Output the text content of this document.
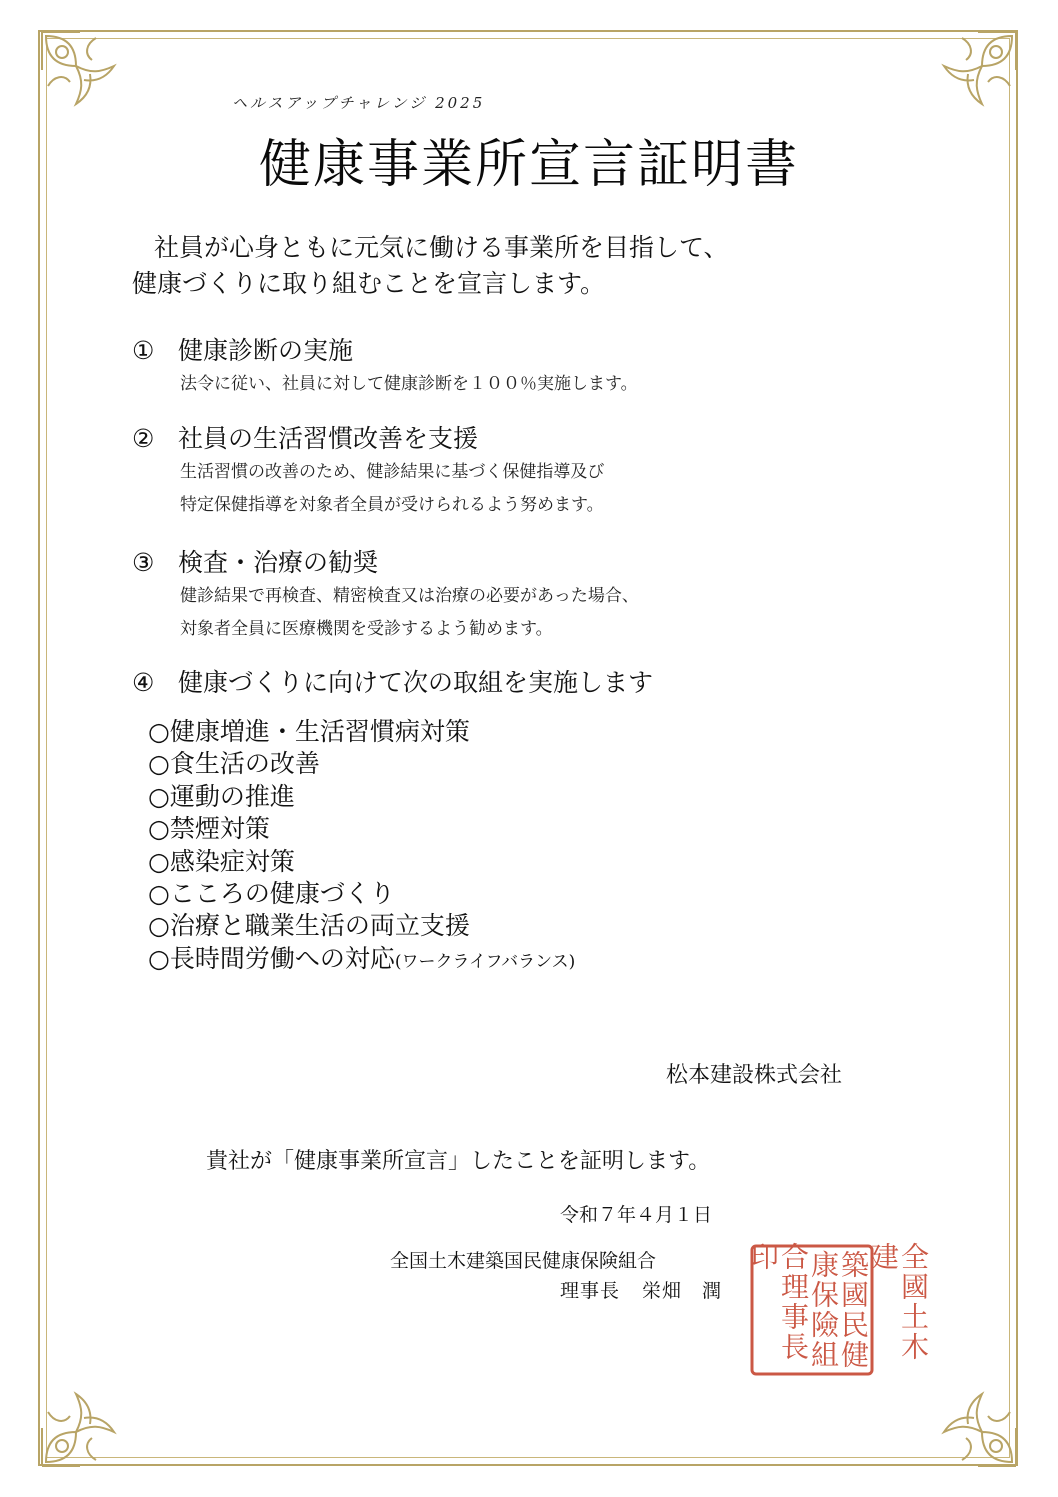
ヘルスアップチャレンジ 2025
健康事業所宣言証明書
社員が心身ともに元気に働ける事業所を目指して、
健康づくりに取り組むことを宣言します。
① 健康診断の実施
法令に従い、社員に対して健康診断を１００％実施します。
② 社員の生活習慣改善を支援
生活習慣の改善のため、健診結果に基づく保健指導及び
特定保健指導を対象者全員が受けられるよう努めます。
③ 検査・治療の勧奨
健診結果で再検査、精密検査又は治療の必要があった場合、
対象者全員に医療機関を受診するよう勧めます。
④ 健康づくりに向けて次の取組を実施します
○健康増進・生活習慣病対策
○食生活の改善
○運動の推進
○禁煙対策
○感染症対策
○こころの健康づくり
○治療と職業生活の両立支援
○長時間労働への対応(ワークライフバランス)
松本建設株式会社
貴社が「健康事業所宣言」したことを証明します。
令和７年４月１日
全国土木建築国民健康保険組合
理事長 栄畑　潤	全國土木建
築國民健
康保險組
合理事長印
